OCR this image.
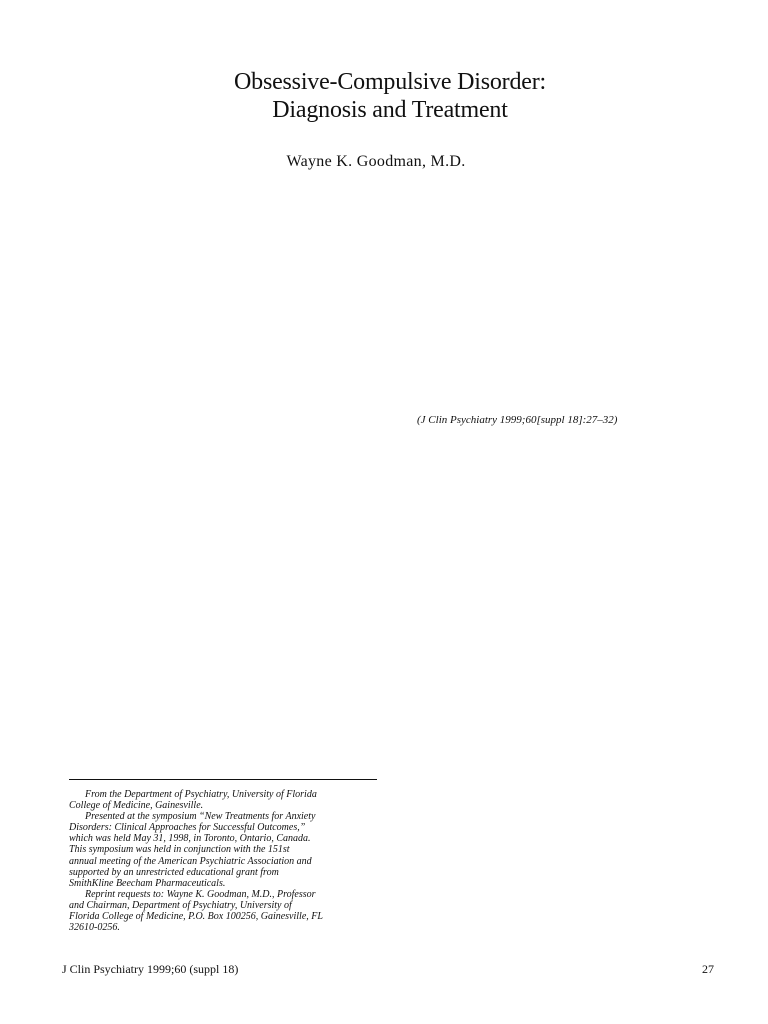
Obsessive-Compulsive Disorder:
Diagnosis and Treatment
Wayne K. Goodman, M.D.
(J Clin Psychiatry 1999;60[suppl 18]:27–32)
From the Department of Psychiatry, University of Florida
College of Medicine, Gainesville.
Presented at the symposium “New Treatments for Anxiety
Disorders: Clinical Approaches for Successful Outcomes,”
which was held May 31, 1998, in Toronto, Ontario, Canada.
This symposium was held in conjunction with the 151st
annual meeting of the American Psychiatric Association and
supported by an unrestricted educational grant from
SmithKline Beecham Pharmaceuticals.
Reprint requests to: Wayne K. Goodman, M.D., Professor
and Chairman, Department of Psychiatry, University of
Florida College of Medicine, P.O. Box 100256, Gainesville, FL
32610-0256.
J Clin Psychiatry 1999;60 (suppl 18)	27
